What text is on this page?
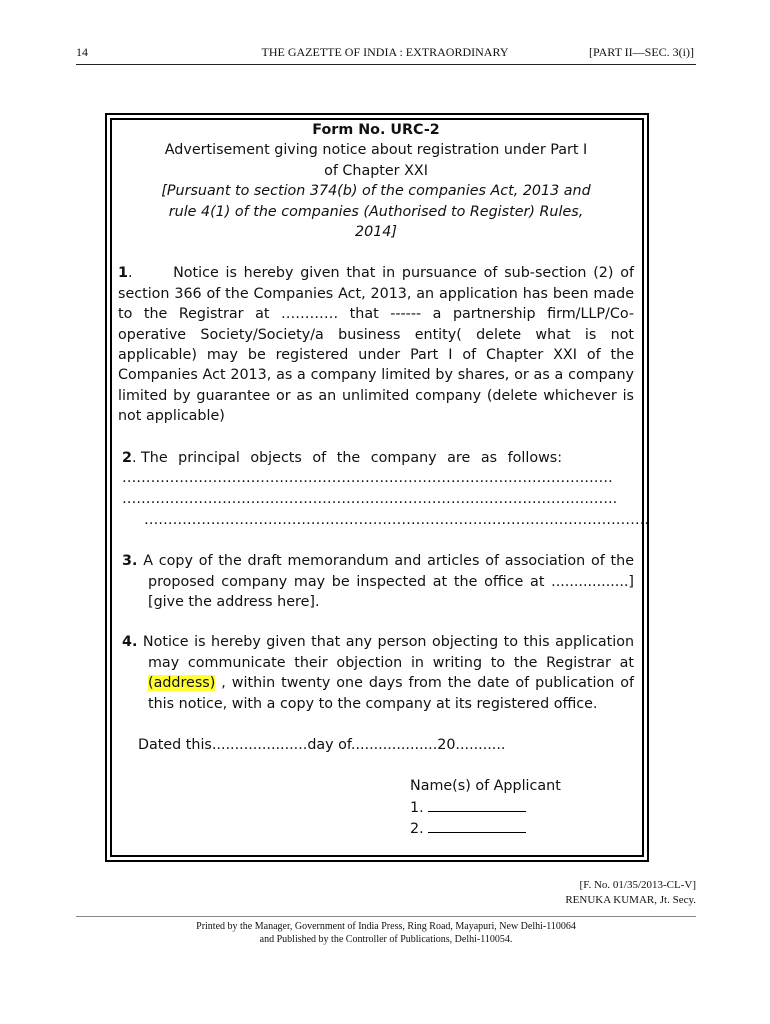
14	THE GAZETTE OF INDIA : EXTRAORDINARY	[PART II—SEC. 3(i)]
Form No. URC-2
Advertisement giving notice about registration under Part I
of Chapter XXI
[Pursuant to section 374(b) of the companies Act, 2013 and
rule 4(1) of the companies (Authorised to Register) Rules,
2014]
1.      Notice is hereby given that in pursuance of sub-section (2) of section 366 of the Companies Act, 2013, an application has been made to the Registrar at ………… that ------ a partnership firm/LLP/Co-operative Society/Society/a business entity( delete what is not applicable) may be registered under Part I of Chapter XXI of the Companies Act 2013, as a company limited by shares, or as a company limited by guarantee or as an unlimited company (delete whichever is not applicable)
2. The principal objects of the company are as follows:
………………………………………………………………………………………….
…………………………………………………………………………………………..
…………………………………………………………………………………………….
3. A copy of the draft memorandum and articles of association of the proposed company may be inspected at the office at .................] [give the address here].
4. Notice is hereby given that any person objecting to this application may communicate their objection in writing to the Registrar at (address) , within twenty one days from the date of publication of this notice, with a copy to the company at its registered office.
Dated this.....................day of...................20...........
Name(s) of Applicant
1.
2.
[F. No. 01/35/2013-CL-V]
RENUKA KUMAR, Jt. Secy.
Printed by the Manager, Government of India Press, Ring Road, Mayapuri, New Delhi-110064
and Published by the Controller of Publications, Delhi-110054.
